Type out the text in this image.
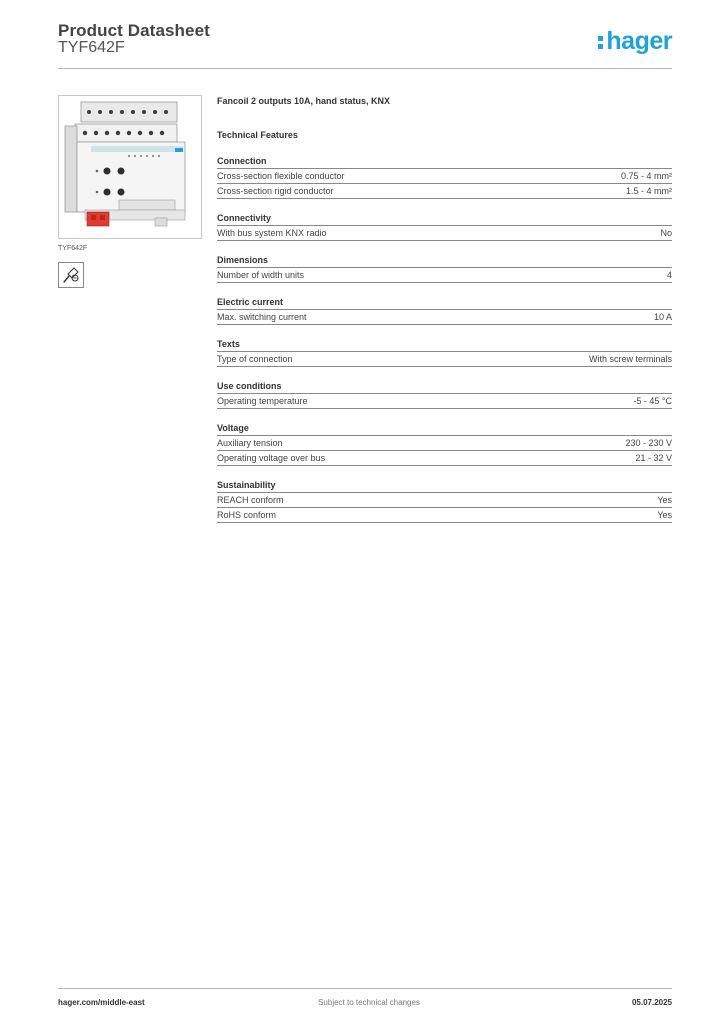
Product Datasheet
TYF642F	hager
TYF642F
Fancoil 2 outputs 10A, hand status, KNX
Technical Features
Connection
Cross-section flexible conductor	0.75 - 4 mm²
Cross-section rigid conductor	1.5 - 4 mm²
Connectivity
With bus system KNX radio	No
Dimensions
Number of width units	4
Electric current
Max. switching current	10 A
Texts
Type of connection	With screw terminals
Use conditions
Operating temperature	-5 - 45 °C
Voltage
Auxiliary tension	230 - 230 V
Operating voltage over bus	21 - 32 V
Sustainability
REACH conform	Yes
RoHS conform	Yes
hager.com/middle-east	Subject to technical changes	05.07.2025
